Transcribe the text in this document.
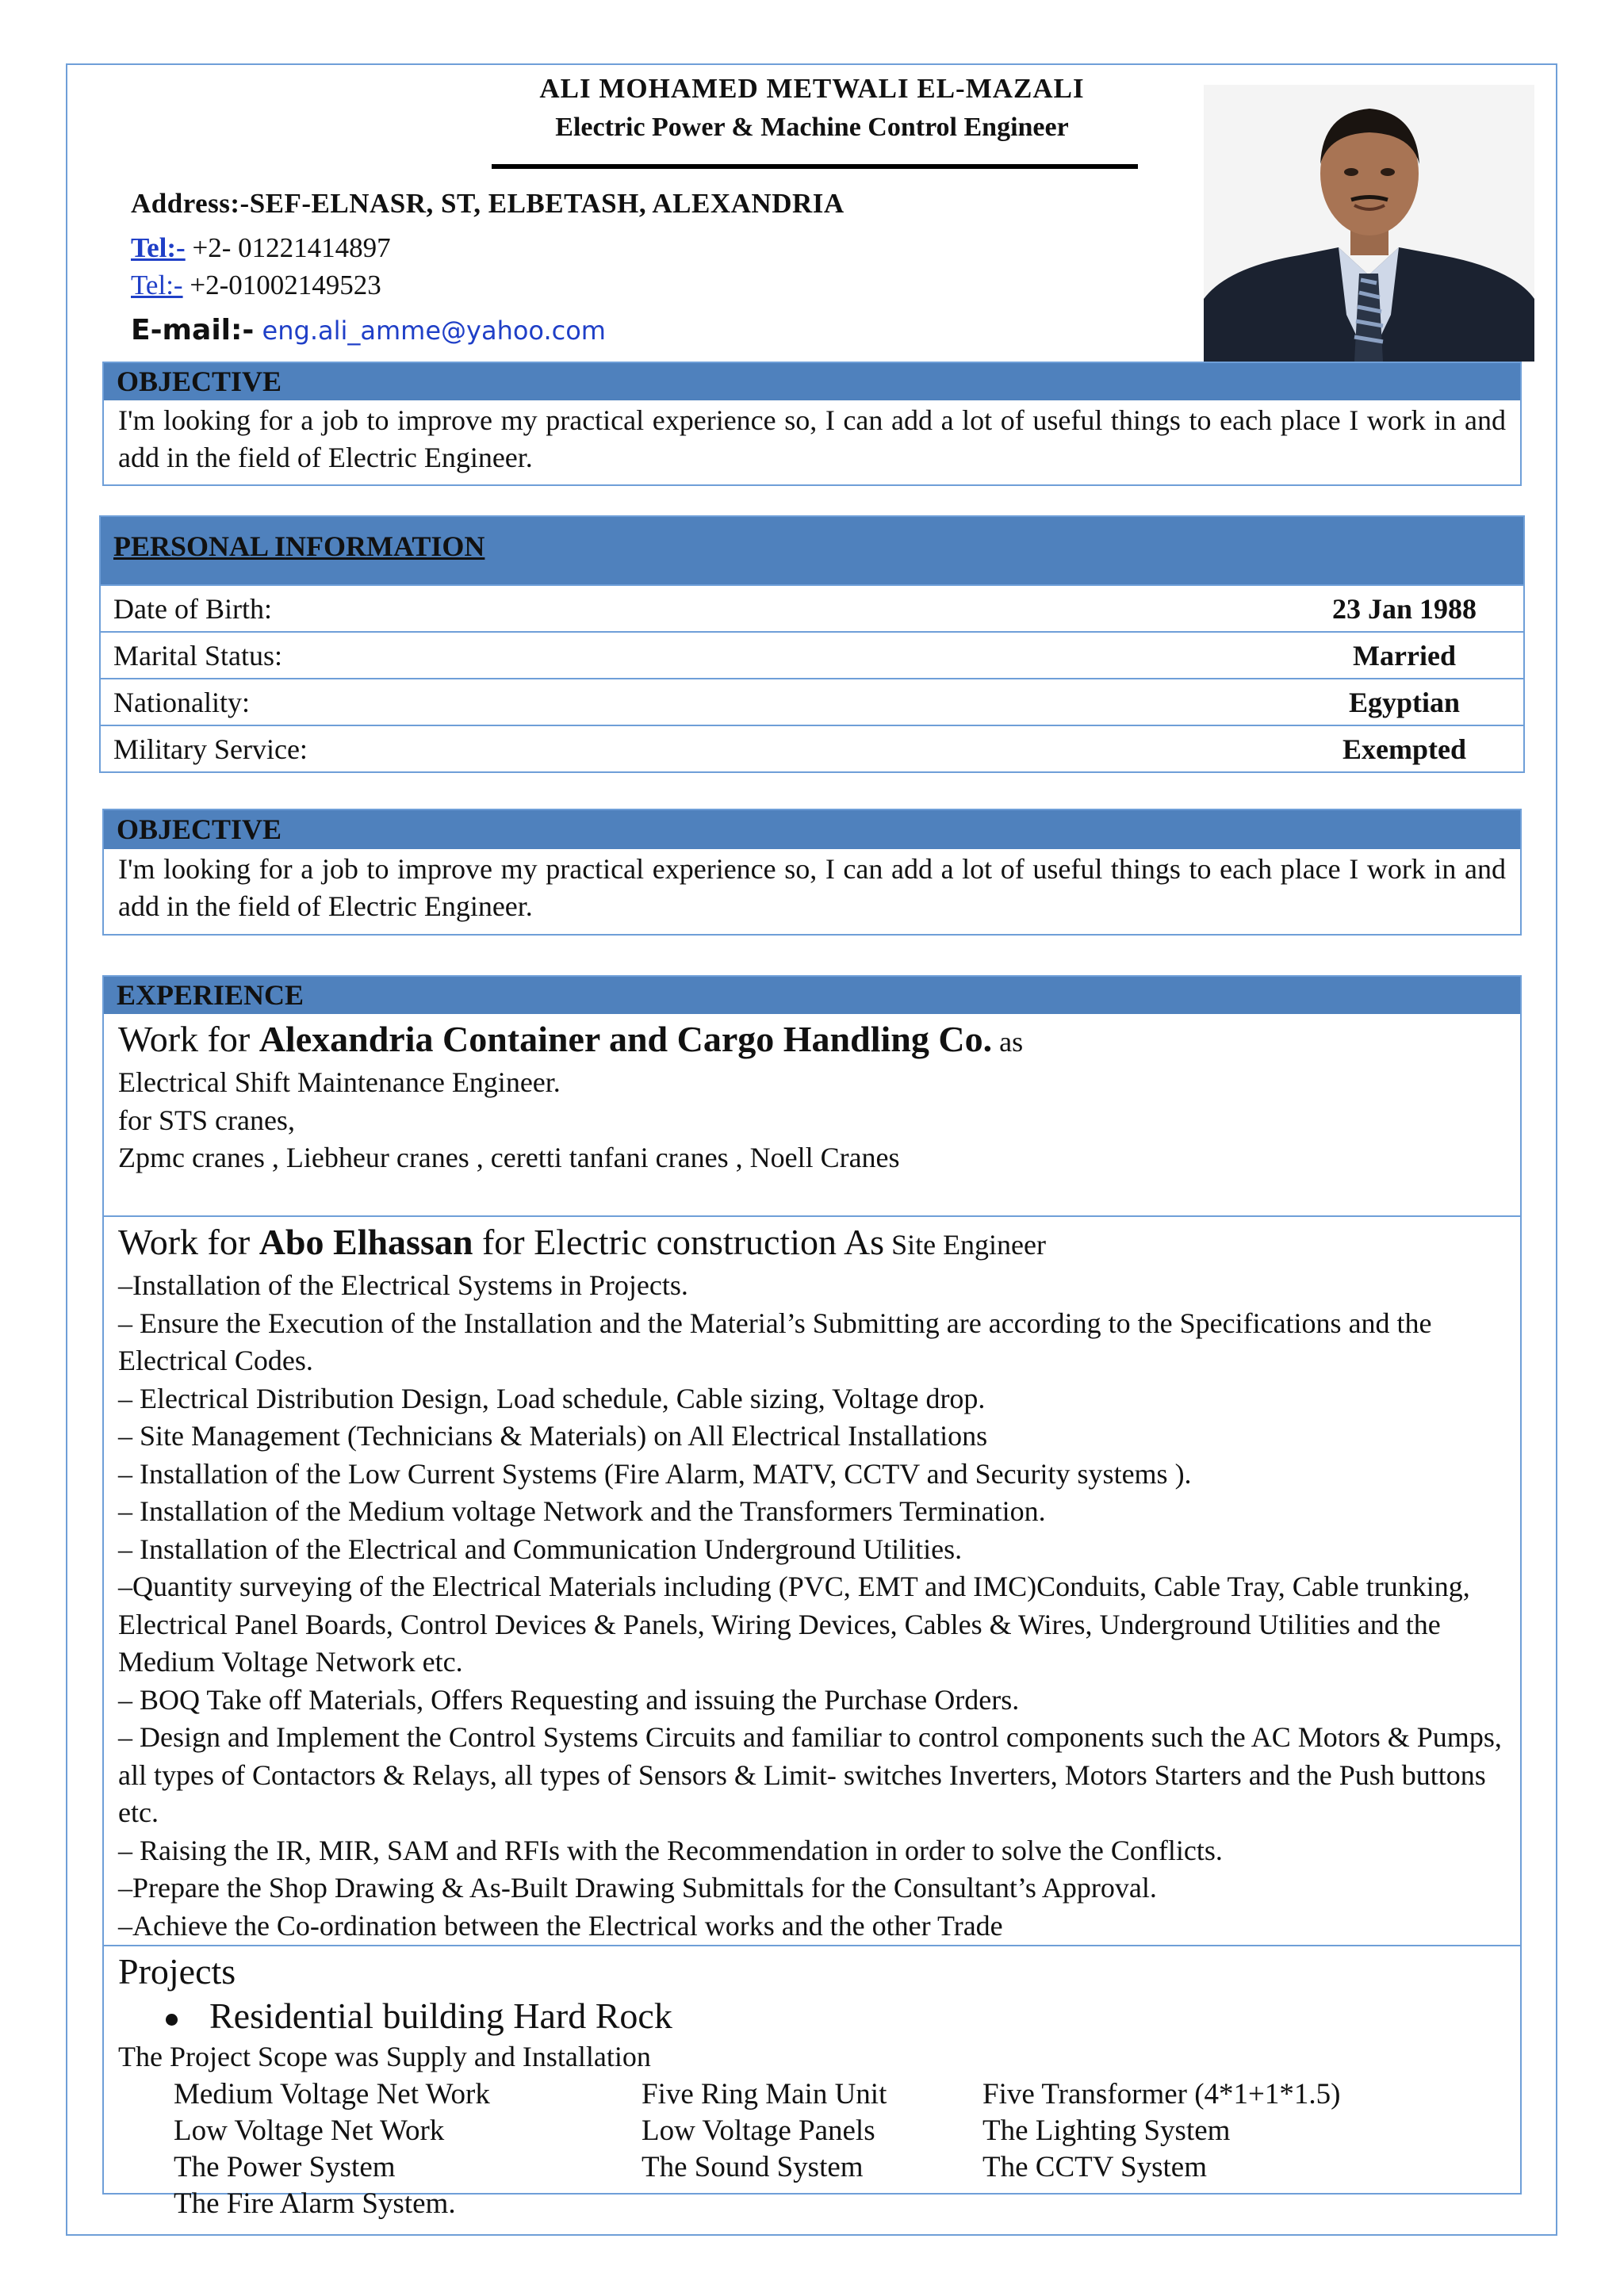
ALI MOHAMED METWALI EL-MAZALI
Electric Power & Machine Control Engineer
Address:-SEF-ELNASR, ST, ELBETASH, ALEXANDRIA
Tel:- +2- 01221414897
Tel:- +2-01002149523
E-mail:- eng.ali_amme@yahoo.com
OBJECTIVE
I'm looking for a job to improve my practical experience so, I can add a lot of useful things to each place I work in and add in the field of Electric Engineer.
PERSONAL INFORMATION
Date of Birth:	23 Jan 1988
Marital Status:	Married
Nationality:	Egyptian
Military Service:	Exempted
OBJECTIVE
I'm looking for a job to improve my practical experience so, I can add a lot of useful things to each place I work in and add in the field of Electric Engineer.
EXPERIENCE
Work for Alexandria Container and Cargo Handling Co. as
Electrical Shift Maintenance Engineer.
for STS cranes,
Zpmc cranes , Liebheur cranes , ceretti tanfani cranes , Noell Cranes
Work for Abo Elhassan for Electric construction As Site Engineer
–Installation of the Electrical Systems in Projects.
– Ensure the Execution of the Installation and the Material’s Submitting are according to the Specifications and the Electrical Codes.
– Electrical Distribution Design, Load schedule, Cable sizing, Voltage drop.
– Site Management (Technicians & Materials) on All Electrical Installations
– Installation of the Low Current Systems (Fire Alarm, MATV, CCTV and Security systems ).
– Installation of the Medium voltage Network and the Transformers Termination.
– Installation of the Electrical and Communication Underground Utilities.
–Quantity surveying of the Electrical Materials including (PVC, EMT and IMC)Conduits, Cable Tray, Cable trunking, Electrical Panel Boards, Control Devices & Panels, Wiring Devices, Cables & Wires, Underground Utilities and the Medium Voltage Network etc.
– BOQ Take off Materials, Offers Requesting and issuing the Purchase Orders.
– Design and Implement the Control Systems Circuits and familiar to control components such the AC Motors & Pumps, all types of Contactors & Relays, all types of Sensors & Limit- switches Inverters, Motors Starters and the Push buttons etc.
– Raising the IR, MIR, SAM and RFIs with the Recommendation in order to solve the Conflicts.
–Prepare the Shop Drawing & As-Built Drawing Submittals for the Consultant’s Approval.
–Achieve the Co-ordination between the Electrical works and the other Trade
Projects
Residential building Hard Rock
The Project Scope was Supply and Installation
Medium Voltage Net Work	Five Ring Main Unit	Five Transformer (4*1+1*1.5)
Low Voltage Net Work	Low Voltage Panels	The Lighting System
The Power System	The Sound System	The CCTV System
The Fire Alarm System.
